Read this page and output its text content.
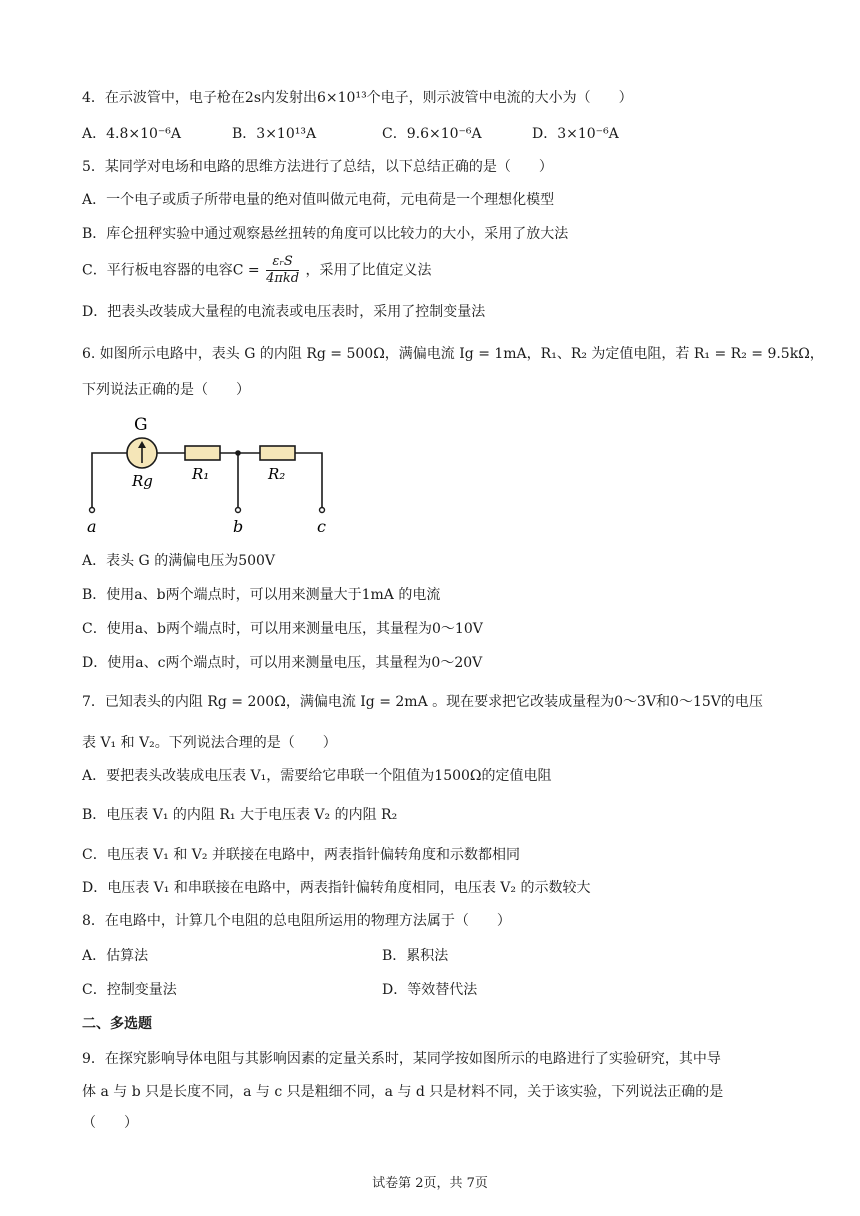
4．在示波管中，电子枪在2s内发射出6×10¹³个电子，则示波管中电流的大小为（　　）
A．4.8×10⁻⁶A	B．3×10¹³A	C．9.6×10⁻⁶A	D．3×10⁻⁶A
5．某同学对电场和电路的思维方法进行了总结，以下总结正确的是（　　）
A．一个电子或质子所带电量的绝对值叫做元电荷，元电荷是一个理想化模型
B．库仑扭秤实验中通过观察悬丝扭转的角度可以比较力的大小，采用了放大法
C．平行板电容器的电容$C = \frac{\text{εᵣS}}{\text{4πkd}}$ ，采用了比值定义法
D．把表头改装成大量程的电流表或电压表时，采用了控制变量法
6. 如图所示电路中，表头 G 的内阻 Rg = 500Ω，满偏电流 Ig = 1mA，R₁、R₂ 为定值电阻，若 R₁ = R₂ = 9.5kΩ，
下列说法正确的是（　　）
G
Rg	R₁	R₂
a	b	c
A．表头 G 的满偏电压为500V
B．使用a、b两个端点时，可以用来测量大于1mA 的电流
C．使用a、b两个端点时，可以用来测量电压，其量程为0～10V
D．使用a、c两个端点时，可以用来测量电压，其量程为0～20V
7．已知表头的内阻 Rg = 200Ω，满偏电流 Ig = 2mA 。现在要求把它改装成量程为0～3V和0～15V的电压
表 V₁ 和 V₂。下列说法合理的是（　　）
A．要把表头改装成电压表 V₁，需要给它串联一个阻值为1500Ω的定值电阻
B．电压表 V₁ 的内阻 R₁ 大于电压表 V₂ 的内阻 R₂
C．电压表 V₁ 和 V₂ 并联接在电路中，两表指针偏转角度和示数都相同
D．电压表 V₁ 和串联接在电路中，两表指针偏转角度相同，电压表 V₂ 的示数较大
8．在电路中，计算几个电阻的总电阻所运用的物理方法属于（　　）
A．估算法	B．累积法
C．控制变量法	D．等效替代法
二、多选题
9．在探究影响导体电阻与其影响因素的定量关系时，某同学按如图所示的电路进行了实验研究，其中导
体 a 与 b 只是长度不同，a 与 c 只是粗细不同，a 与 d 只是材料不同，关于该实验，下列说法正确的是
（　　）
试卷第 2页，共 7页
